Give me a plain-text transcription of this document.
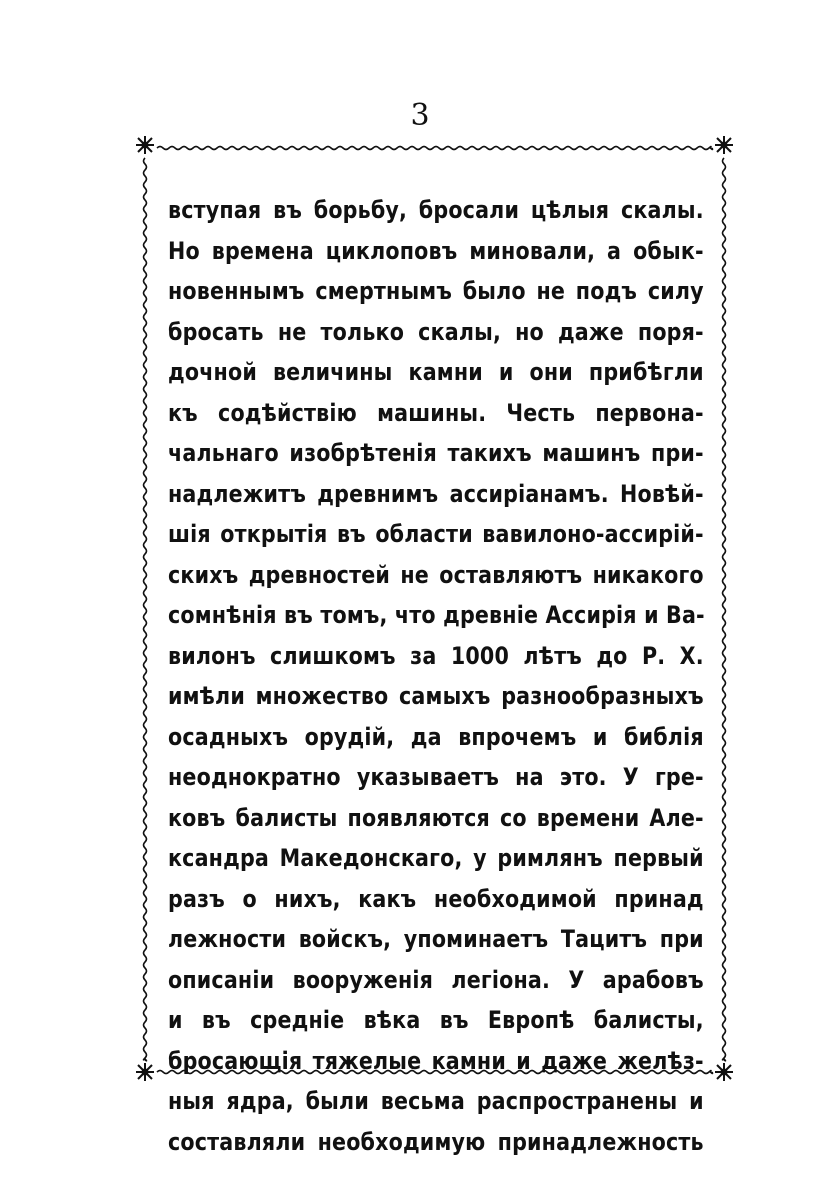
3
вступая въ борьбу, бросали цѣлыя скалы.
Но времена циклоповъ миновали, а обык-
новеннымъ смертнымъ было не подъ силу
бросать не только скалы, но даже поря-
дочной величины камни и они прибѣгли
къ содѣйствію машины. Честь первона-
чальнаго изобрѣтенія такихъ машинъ при-
надлежитъ древнимъ ассиріанамъ. Новѣй-
шія открытія въ области вавилоно-ассирій-
скихъ древностей не оставляютъ никакого
сомнѣнія въ томъ, что древніе Ассирія и Ва-
вилонъ слишкомъ за 1000 лѣтъ до Р. Х.
имѣли множество самыхъ разнообразныхъ
осадныхъ орудій, да впрочемъ и библія
неоднократно указываетъ на это. У гре-
ковъ балисты появляются со времени Але-
ксандра Македонскаго, у римлянъ первый
разъ о нихъ, какъ необходимой принад
лежности войскъ, упоминаетъ Тацитъ при
описаніи вооруженія легіона. У арабовъ
и въ средніе вѣка въ Европѣ балисты,
бросающія тяжелые камни и даже желѣз-
ныя ядра, были весьма распространены и
составляли необходимую принадлежность
